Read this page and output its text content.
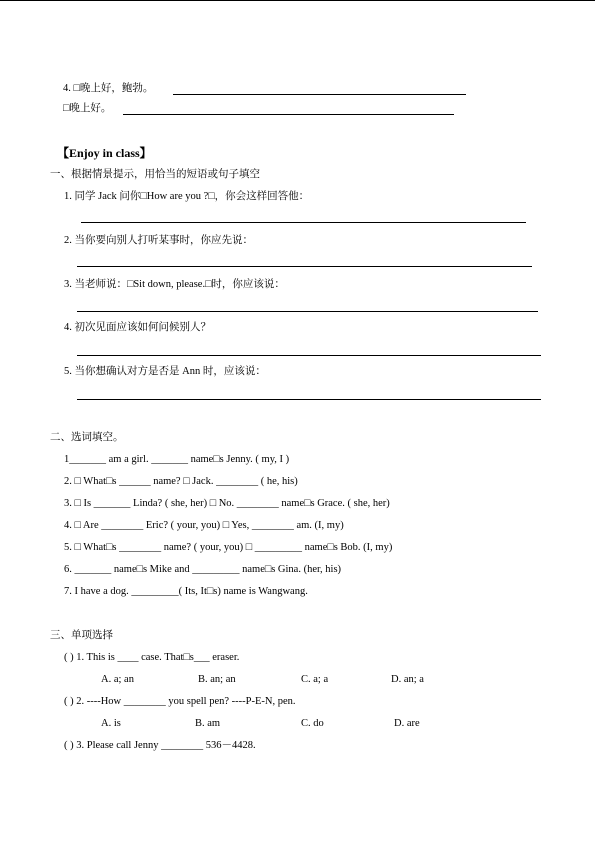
4. □晚上好，鲍勃。
□晚上好。
【Enjoy in class】
一、根据情景提示，用恰当的短语或句子填空
1. 同学 Jack 问你□How are you ?□，你会这样回答他：
2. 当你要向别人打听某事时，你应先说：
3. 当老师说：□Sit down, please.□时，你应该说：
4. 初次见面应该如何问候别人？
5. 当你想确认对方是否是 Ann 时，应该说：
二、选词填空。
1_______ am a girl. _______ name□s Jenny. ( my, I )
2. □ What□s ______ name? □ Jack. ________ ( he, his)
3. □ Is _______ Linda? ( she, her) □ No. ________ name□s Grace. ( she, her)
4. □ Are ________ Eric? ( your, you) □ Yes, ________ am. (I, my)
5. □ What□s ________ name? ( your, you) □ _________ name□s Bob. (I, my)
6. _______ name□s Mike and _________ name□s Gina. (her, his)
7. I have a dog. _________( Its, It□s) name is Wangwang.
三、单项选择
( ) 1. This is ____ case. That□s___ eraser.
A. a; an	B. an; an	C. a; a	D. an; a
( ) 2. ----How ________ you spell pen? ----P-E-N, pen.
A. is	B. am	C. do	D. are
( ) 3. Please call Jenny ________ 536－4428.
